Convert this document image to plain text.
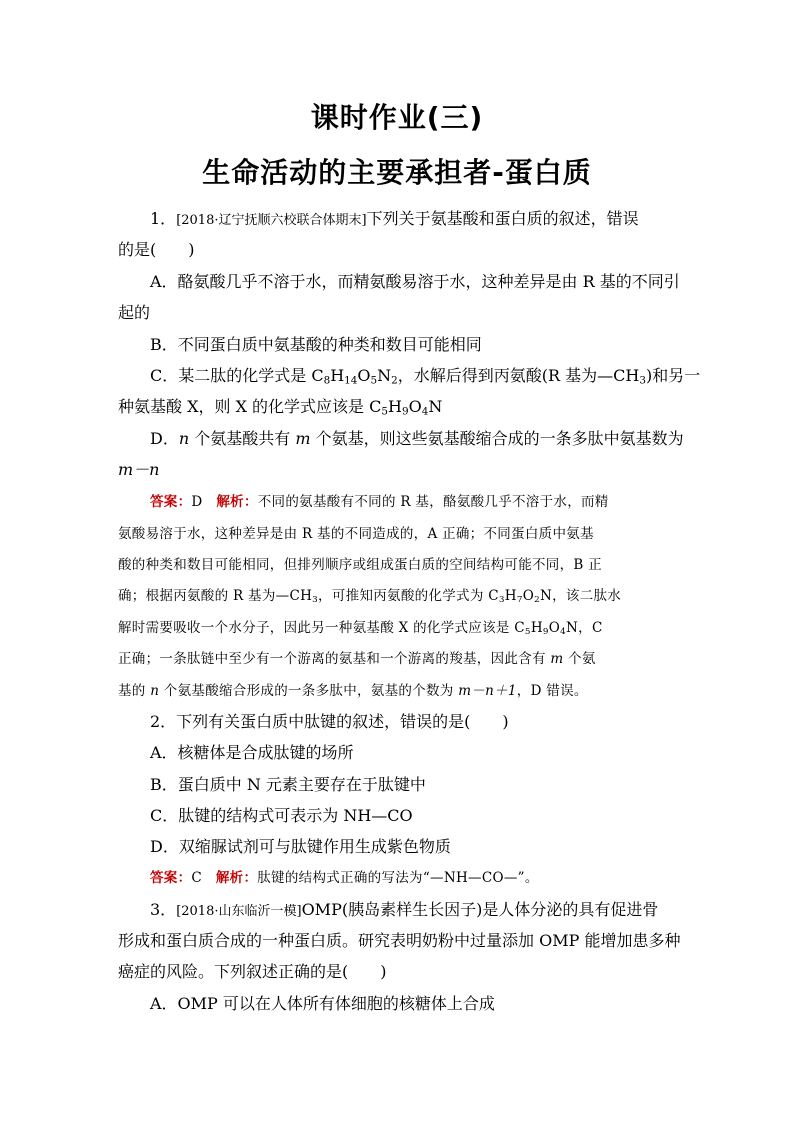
课时作业(三)
生命活动的主要承担者-蛋白质
1．[2018·辽宁抚顺六校联合体期末]下列关于氨基酸和蛋白质的叙述，错误
的是(　　)
A．酪氨酸几乎不溶于水，而精氨酸易溶于水，这种差异是由 R 基的不同引
起的
B．不同蛋白质中氨基酸的种类和数目可能相同
C．某二肽的化学式是 $C_8H_{14}O_5N_2$，水解后得到丙氨酸(R 基为$—CH_3$)和另一
种氨基酸 X，则 X 的化学式应该是 $C_5H_9O_4N$
D．n 个氨基酸共有 m 个氨基，则这些氨基酸缩合成的一条多肽中氨基数为
m－n
答案：D　解析：不同的氨基酸有不同的 R 基，酪氨酸几乎不溶于水，而精
氨酸易溶于水，这种差异是由 R 基的不同造成的，A 正确；不同蛋白质中氨基
酸的种类和数目可能相同，但排列顺序或组成蛋白质的空间结构可能不同，B 正
确；根据丙氨酸的 R 基为$—CH_3$，可推知丙氨酸的化学式为 $C_3H_7O_2N$，该二肽水
解时需要吸收一个水分子，因此另一种氨基酸 X 的化学式应该是 $C_5H_9O_4N$，C
正确；一条肽链中至少有一个游离的氨基和一个游离的羧基，因此含有 m 个氨
基的 n 个氨基酸缩合形成的一条多肽中，氨基的个数为 m－n＋1，D 错误。
2．下列有关蛋白质中肽键的叙述，错误的是(　　)
A．核糖体是合成肽键的场所
B．蛋白质中 N 元素主要存在于肽键中
C．肽键的结构式可表示为 NH—CO
D．双缩脲试剂可与肽键作用生成紫色物质
答案：C　解析：肽键的结构式正确的写法为“—NH—CO—”。
3．[2018·山东临沂一模]OMP(胰岛素样生长因子)是人体分泌的具有促进骨
形成和蛋白质合成的一种蛋白质。研究表明奶粉中过量添加 OMP 能增加患多种
癌症的风险。下列叙述正确的是(　　)
A．OMP 可以在人体所有体细胞的核糖体上合成
